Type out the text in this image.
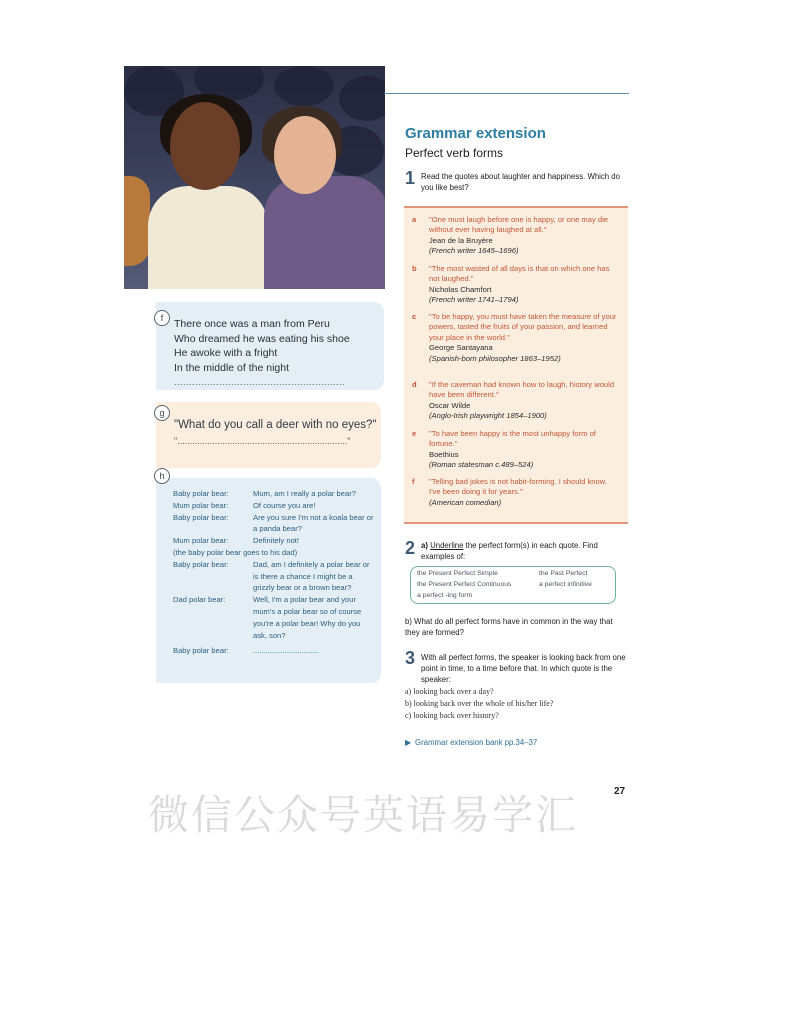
f	There once was a man from Peru
Who dreamed he was eating his shoe
He awoke with a fright
In the middle of the night
.........................................................
g
"What do you call a deer with no eyes?"
"...................................................................."
h
Baby polar bear:	Mum, am I really a polar bear?
Mum polar bear:	Of course you are!
Baby polar bear:	Are you sure I'm not a koala bear or a panda bear?
Mum polar bear:	Definitely not!
(the baby polar bear goes to his dad)
Baby polar bear:	Dad, am I definitely a polar bear or is there a chance I might be a grizzly bear or a brown bear?
Dad polar bear:	Well, I'm a polar bear and your mum's a polar bear so of course you're a polar bear! Why do you ask, son?
Baby polar bear:	...............................
Grammar extension
Perfect verb forms
1 Read the quotes about laughter and happiness. Which do you like best?
a "One must laugh before one is happy, or one may die without ever having laughed at all."
Jean de la Bruyère
(French writer 1645–1696)
b "The most wasted of all days is that on which one has not laughed."
Nicholas Chamfort
(French writer 1741–1794)
c "To be happy, you must have taken the measure of your powers, tasted the fruits of your passion, and learned your place in the world."
George Santayana
(Spanish-born philosopher 1863–1952)
d "If the caveman had known how to laugh, history would have been different."
Oscar Wilde
(Anglo-Irish playwright 1854–1900)
e "To have been happy is the most unhappy form of fortune."
Boethius
(Roman statesman c.489–524)
f "Telling bad jokes is not habit-forming. I should know. I've been doing it for years."
(American comedian)
2 a) Underline the perfect form(s) in each quote. Find examples of:
the Present Perfect Simple	the Past Perfect
the Present Perfect Continuous	a perfect infinitive
a perfect -ing form
b) What do all perfect forms have in common in the way that they are formed?
3 With all perfect forms, the speaker is looking back from one point in time, to a time before that. In which quote is the speaker:
a) looking back over a day?
b) looking back over the whole of his/her life?
c) looking back over history?
▶ Grammar extension bank pp.34–37
微信公众号英语易学汇	27
